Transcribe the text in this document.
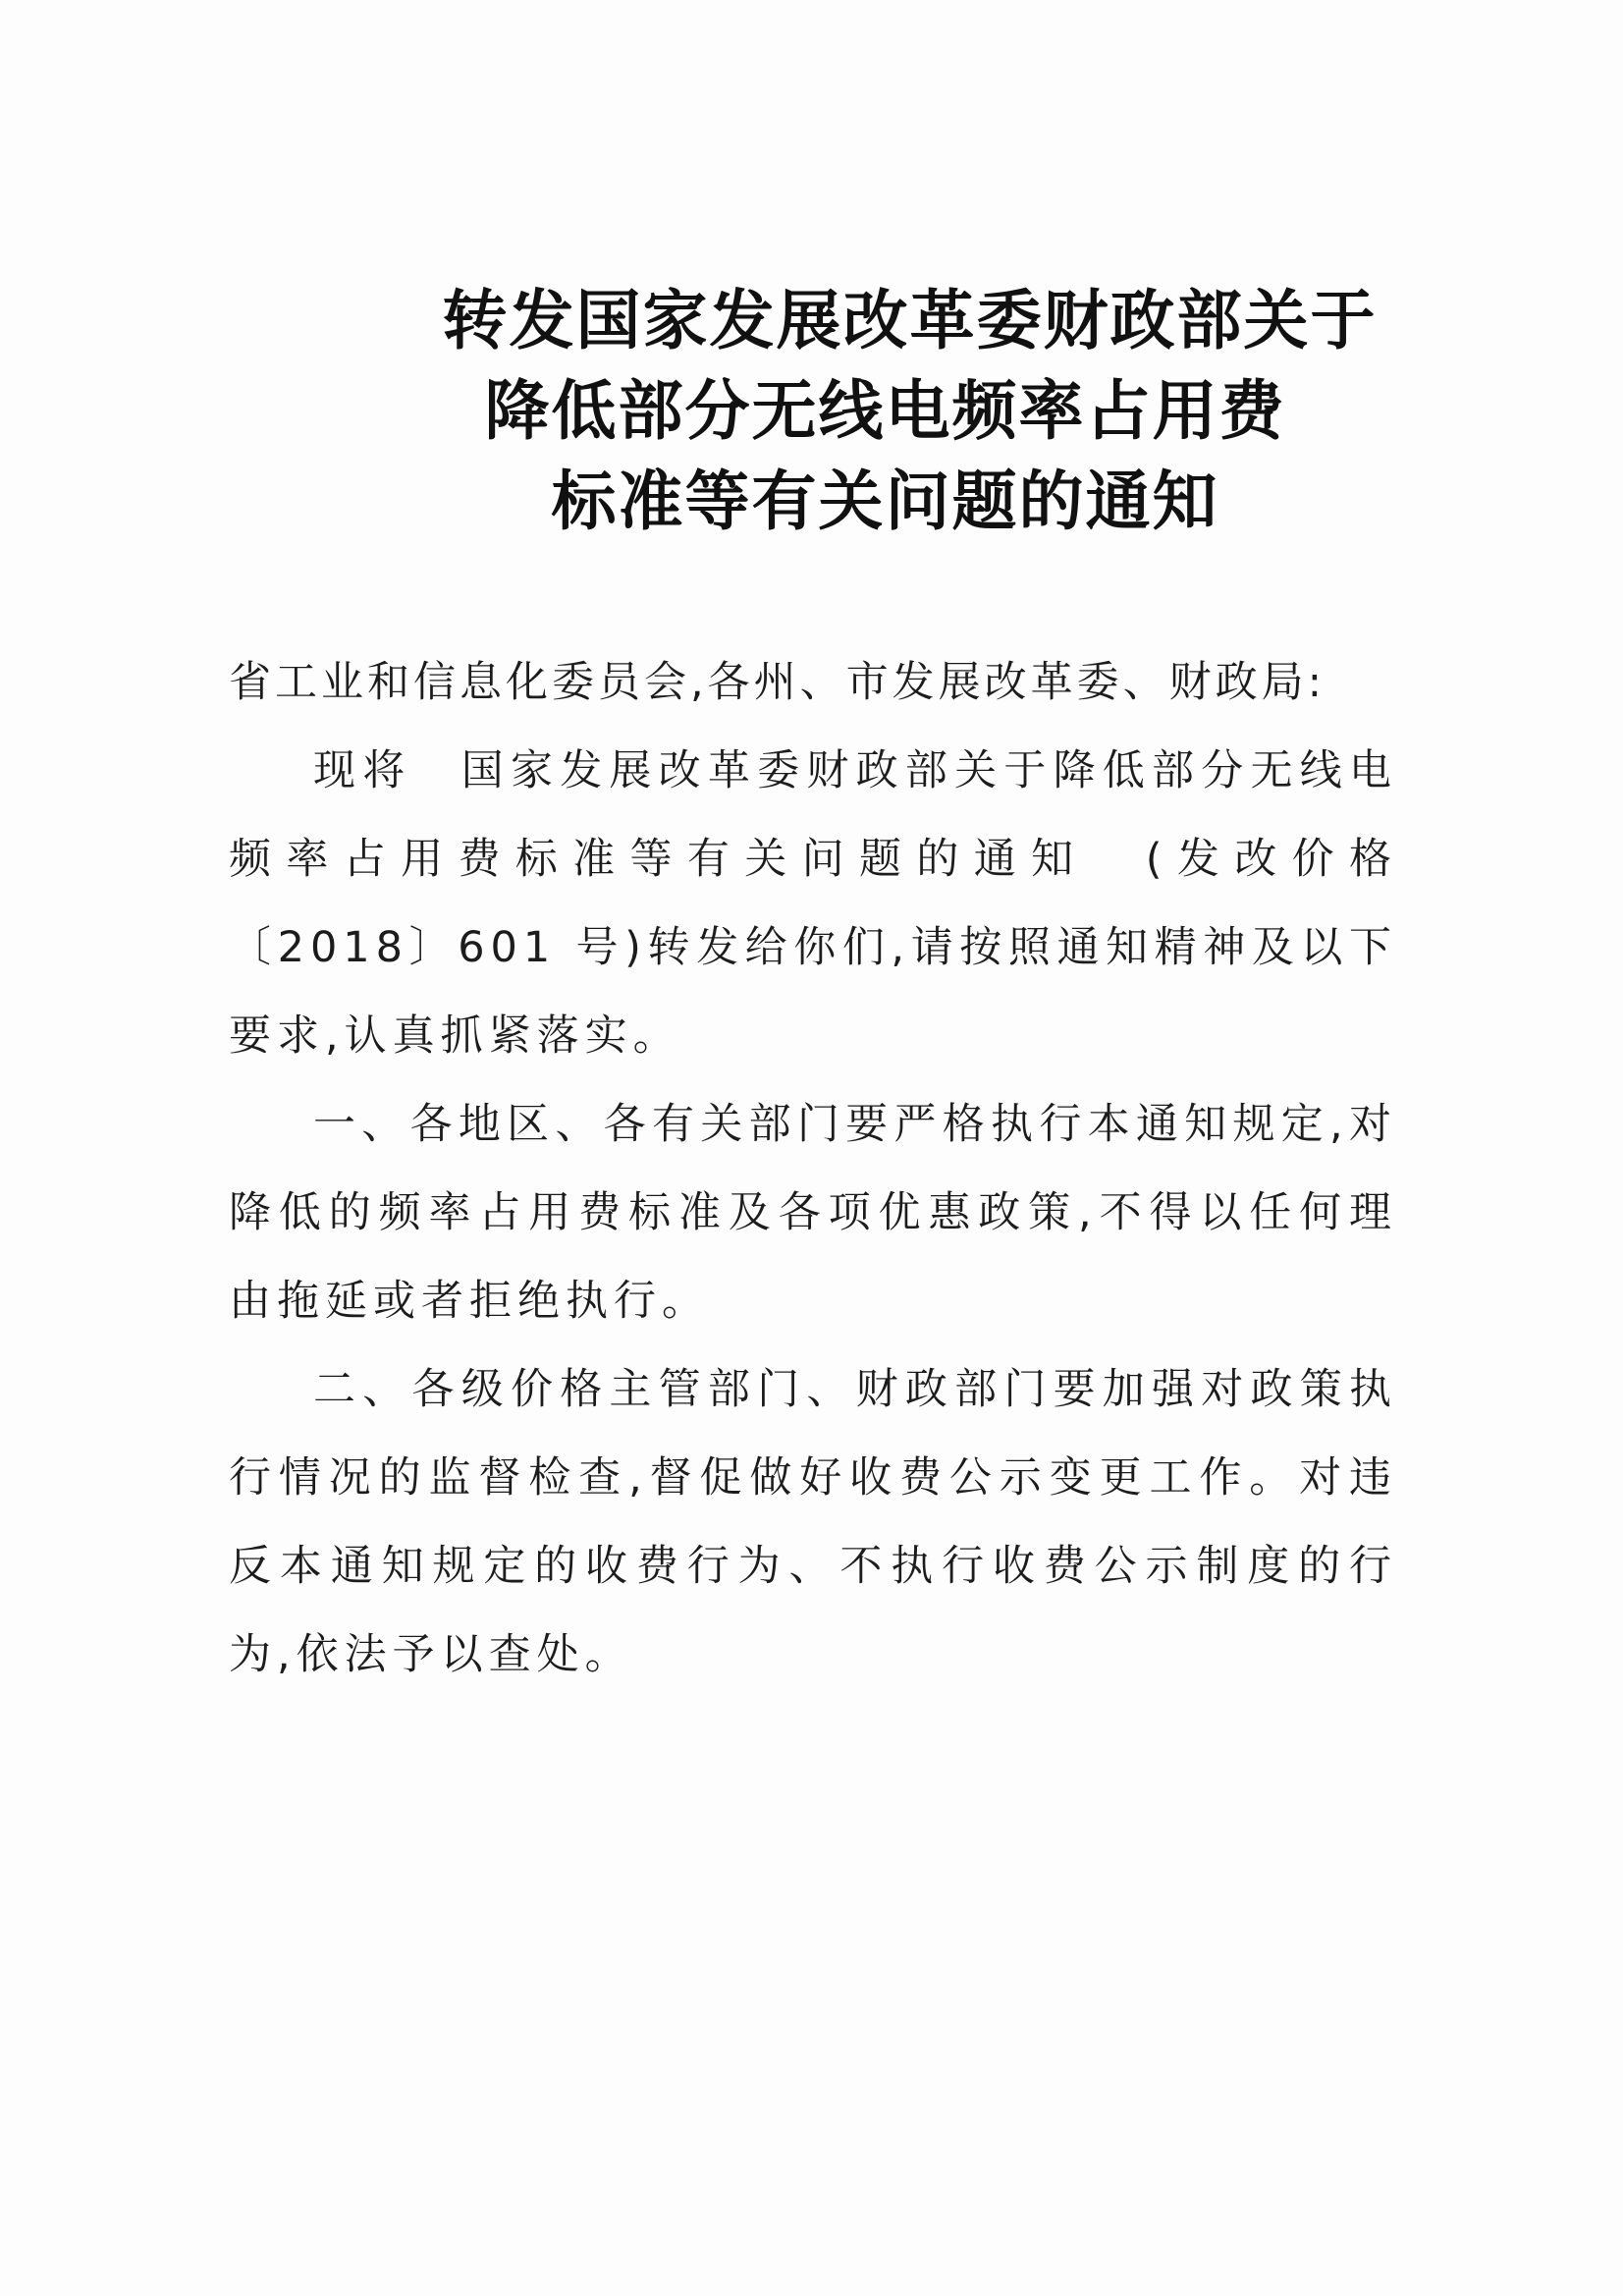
转发国家发展改革委财政部关于
降低部分无线电频率占用费
标准等有关问题的通知

省工业和信息化委员会,各州、市发展改革委、财政局:

现将　国家发展改革委财政部关于降低部分无线电频率占用费标准等有关问题的通知　(发改价格〔2018〕601 号)转发给你们,请按照通知精神及以下要求,认真抓紧落实。

一、各地区、各有关部门要严格执行本通知规定,对降低的频率占用费标准及各项优惠政策,不得以任何理由拖延或者拒绝执行。

二、各级价格主管部门、财政部门要加强对政策执行情况的监督检查,督促做好收费公示变更工作。对违反本通知规定的收费行为、不执行收费公示制度的行为,依法予以查处。
